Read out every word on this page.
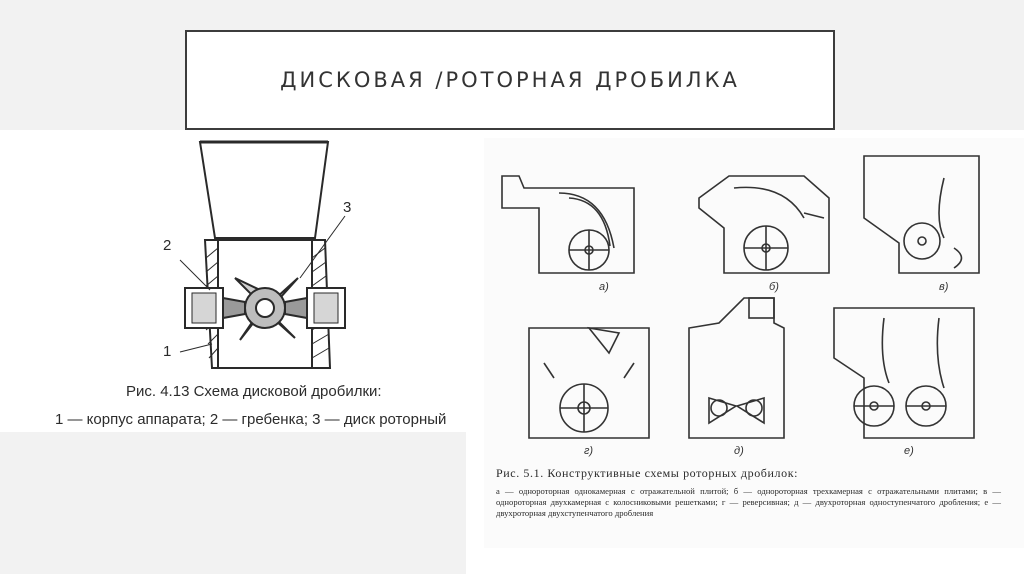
ДИСКОВАЯ /РОТОРНАЯ ДРОБИЛКА
2
1
3
Рис. 4.13 Схема дисковой дробилки:
1 — корпус аппарата; 2 — гребенка; 3 — диск роторный
а)	б)	в)
г)	д)	е)
Рис. 5.1. Конструктивные схемы роторных дробилок:
а — однороторная однокамерная с отражательной плитой; б — однороторная трехкамерная с отражательными плитами; в — однороторная двухкамерная с колосниковыми решетками; г — реверсивная; д — двухроторная одноступенчатого дробления; е — двухроторная двухступенчатого дробления
